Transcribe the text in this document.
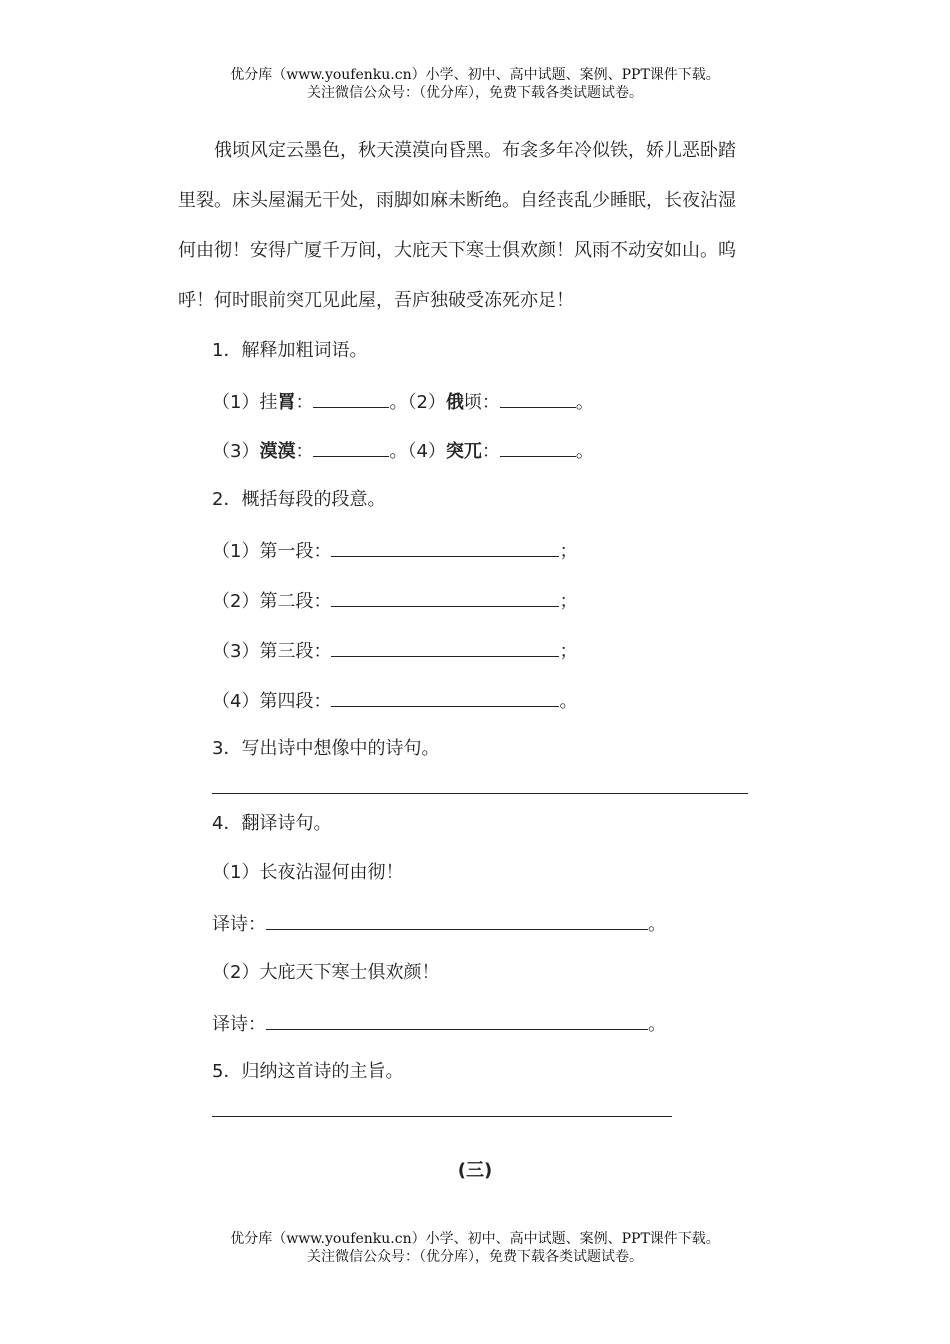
优分库（www.youfenku.cn）小学、初中、高中试题、案例、PPT课件下载。
关注微信公众号：（优分库），免费下载各类试题试卷。
　　俄顷风定云墨色，秋天漠漠向昏黑。布衾多年冷似铁，娇儿恶卧踏
里裂。床头屋漏无干处，雨脚如麻未断绝。自经丧乱少睡眠，长夜沾湿
何由彻！安得广厦千万间，大庇天下寒士俱欢颜！风雨不动安如山。呜
呼！何时眼前突兀见此屋，吾庐独破受冻死亦足！
1．解释加粗词语。
（1）挂罥：	。（2）俄顷：	。
（3）漠漠：	。（4）突兀：	。
2．概括每段的段意。
（1）第一段：	；
（2）第二段：	；
（3）第三段：	；
（4）第四段：	。
3．写出诗中想像中的诗句。
4．翻译诗句。
（1）长夜沾湿何由彻！
译诗：	。
（2）大庇天下寒士俱欢颜！
译诗：	。
5．归纳这首诗的主旨。
(三)
优分库（www.youfenku.cn）小学、初中、高中试题、案例、PPT课件下载。
关注微信公众号：（优分库），免费下载各类试题试卷。
